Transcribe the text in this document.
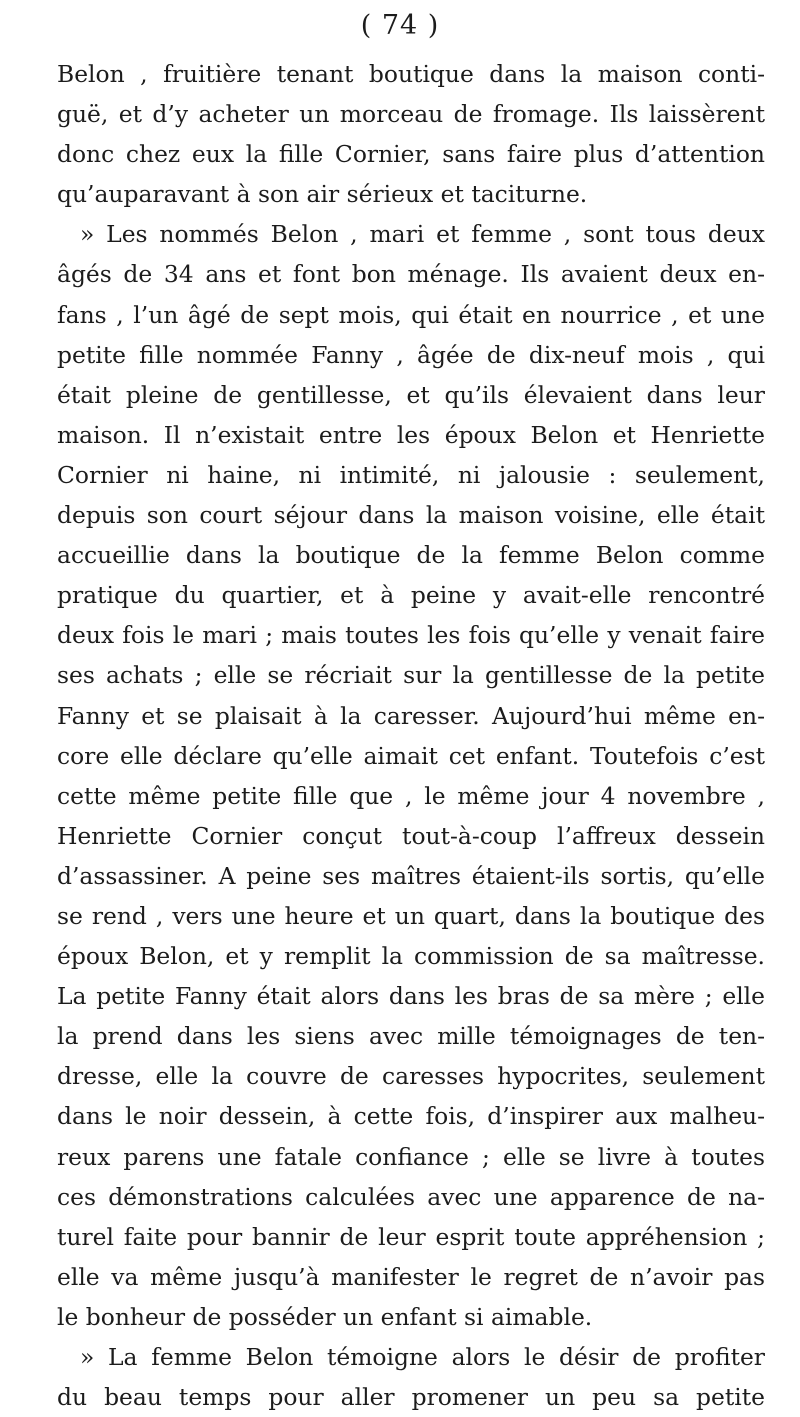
( 74 )
Belon , fruitière tenant boutique dans la maison conti-
guë, et d’y acheter un morceau de fromage. Ils laissèrent
donc chez eux la fille Cornier, sans faire plus d’attention
qu’auparavant à son air sérieux et taciturne.
» Les nommés Belon , mari et femme , sont tous deux
âgés de 34 ans et font bon ménage. Ils avaient deux en-
fans , l’un âgé de sept mois, qui était en nourrice , et une
petite fille nommée Fanny , âgée de dix-neuf mois , qui
était pleine de gentillesse, et qu’ils élevaient dans leur
maison. Il n’existait entre les époux Belon et Henriette
Cornier ni haine, ni intimité, ni jalousie : seulement,
depuis son court séjour dans la maison voisine, elle était
accueillie dans la boutique de la femme Belon comme
pratique du quartier, et à peine y avait-elle rencontré
deux fois le mari ; mais toutes les fois qu’elle y venait faire
ses achats ; elle se récriait sur la gentillesse de la petite
Fanny et se plaisait à la caresser. Aujourd’hui même en-
core elle déclare qu’elle aimait cet enfant. Toutefois c’est
cette même petite fille que , le même jour 4 novembre ,
Henriette Cornier conçut tout-à-coup l’affreux dessein
d’assassiner. A peine ses maîtres étaient-ils sortis, qu’elle
se rend , vers une heure et un quart, dans la boutique des
époux Belon, et y remplit la commission de sa maîtresse.
La petite Fanny était alors dans les bras de sa mère ; elle
la prend dans les siens avec mille témoignages de ten-
dresse, elle la couvre de caresses hypocrites, seulement
dans le noir dessein, à cette fois, d’inspirer aux malheu-
reux parens une fatale confiance ; elle se livre à toutes
ces démonstrations calculées avec une apparence de na-
turel faite pour bannir de leur esprit toute appréhension ;
elle va même jusqu’à manifester le regret de n’avoir pas
le bonheur de posséder un enfant si aimable.
» La femme Belon témoigne alors le désir de profiter
du beau temps pour aller promener un peu sa petite
